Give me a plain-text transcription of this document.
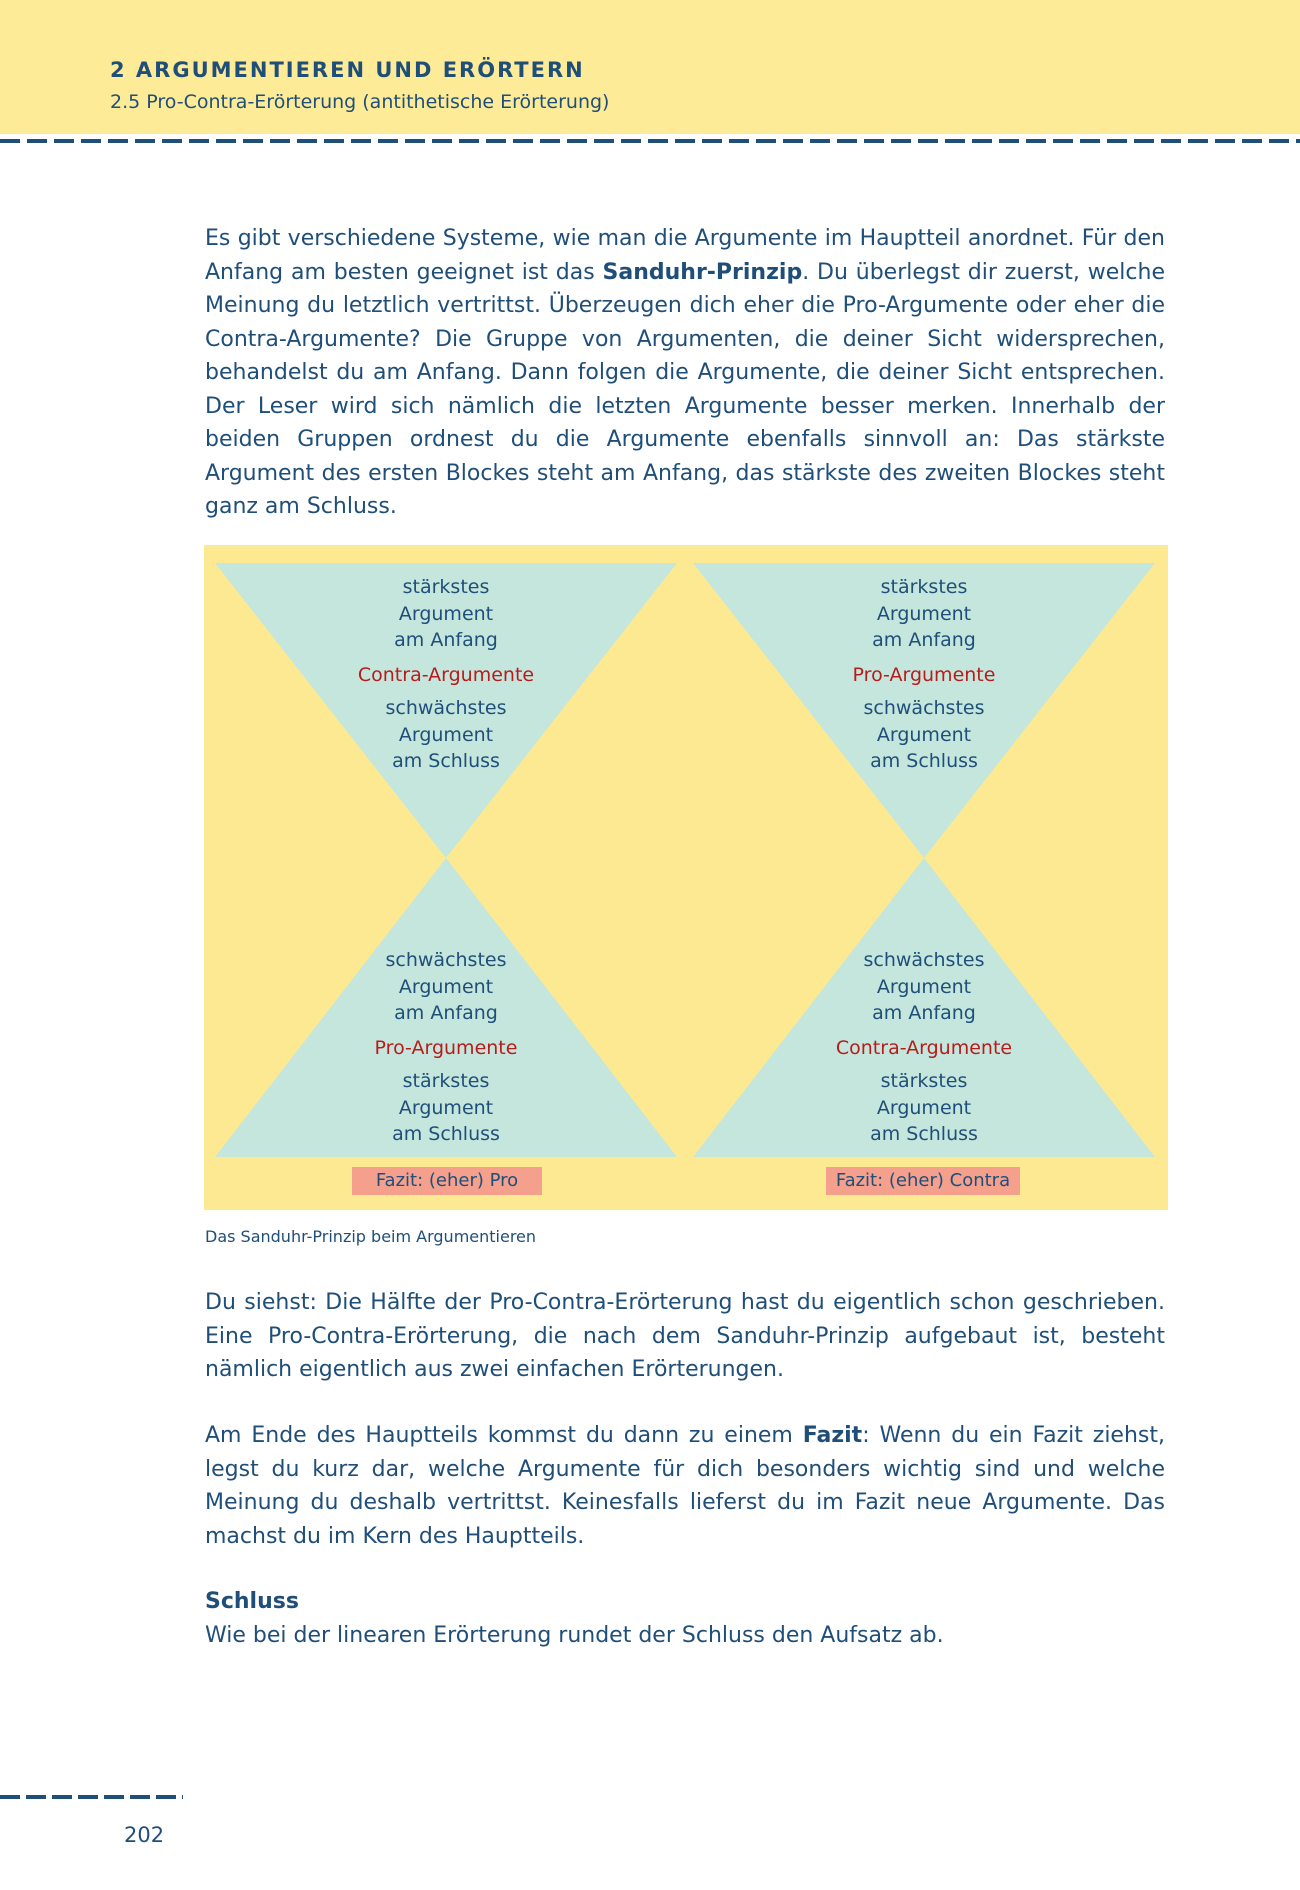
2 ARGUMENTIEREN UND ERÖRTERN
2.5 Pro-Contra-Erörterung (antithetische Erörterung)
Es gibt verschiedene Systeme, wie man die Argumente im Hauptteil anordnet. Für den Anfang am besten geeignet ist das Sanduhr-Prinzip. Du überlegst dir zuerst, welche Meinung du letztlich vertrittst. Überzeugen dich eher die Pro-Argumente oder eher die Contra-Argumente? Die Gruppe von Argumenten, die deiner Sicht widersprechen, behandelst du am Anfang. Dann folgen die Argumente, die deiner Sicht entsprechen. Der Leser wird sich nämlich die letzten Argumente besser merken. Innerhalb der beiden Gruppen ordnest du die Argumente ebenfalls sinnvoll an: Das stärkste Argument des ersten Blockes steht am Anfang, das stärkste des zweiten Blockes steht ganz am Schluss.
stärkstes
Argument
am Anfang
Contra-Argumente
schwächstes
Argument
am Schluss
schwächstes
Argument
am Anfang
Pro-Argumente
stärkstes
Argument
am Schluss
Fazit: (eher) Pro
stärkstes
Argument
am Anfang
Pro-Argumente
schwächstes
Argument
am Schluss
schwächstes
Argument
am Anfang
Contra-Argumente
stärkstes
Argument
am Schluss
Fazit: (eher) Contra
Das Sanduhr-Prinzip beim Argumentieren
Du siehst: Die Hälfte der Pro-Contra-Erörterung hast du eigentlich schon geschrieben. Eine Pro-Contra-Erörterung, die nach dem Sanduhr-Prinzip aufgebaut ist, besteht nämlich eigentlich aus zwei einfachen Erörterungen.
Am Ende des Hauptteils kommst du dann zu einem Fazit: Wenn du ein Fazit ziehst, legst du kurz dar, welche Argumente für dich besonders wichtig sind und welche Meinung du deshalb vertrittst. Keinesfalls lieferst du im Fazit neue Argumente. Das machst du im Kern des Hauptteils.
Schluss
Wie bei der linearen Erörterung rundet der Schluss den Aufsatz ab.
202
